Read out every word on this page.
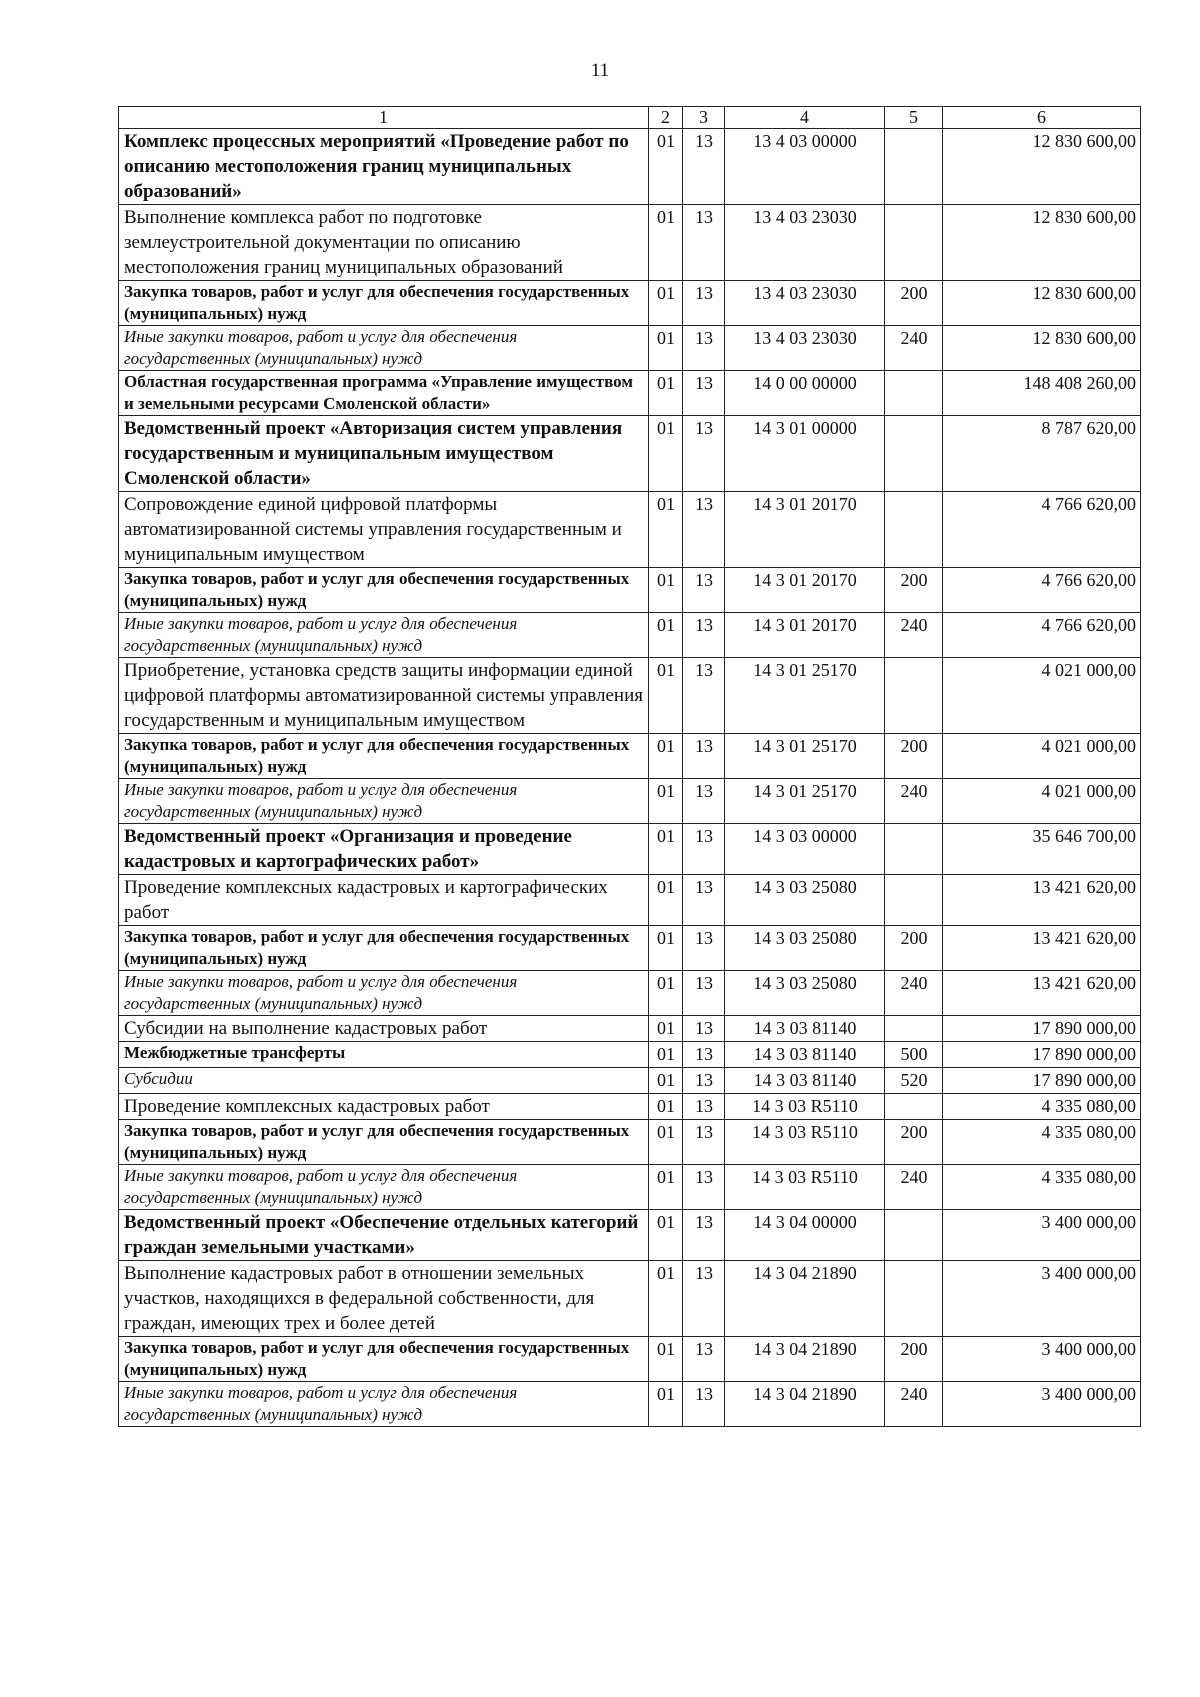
11
1	2	3	4	5	6
Комплекс процессных мероприятий «Проведение работ по описанию местоположения границ муниципальных образований»	01	13	13 4 03 00000		12 830 600,00
Выполнение комплекса работ по подготовке землеустроительной документации по описанию местоположения границ муниципальных образований	01	13	13 4 03 23030		12 830 600,00
Закупка товаров, работ и услуг для обеспечения государственных (муниципальных) нужд	01	13	13 4 03 23030	200	12 830 600,00
Иные закупки товаров, работ и услуг для обеспечения государственных (муниципальных) нужд	01	13	13 4 03 23030	240	12 830 600,00
Областная государственная программа «Управление имуществом и земельными ресурсами Смоленской области»	01	13	14 0 00 00000		148 408 260,00
Ведомственный проект «Авторизация систем управления государственным и муниципальным имуществом Смоленской области»	01	13	14 3 01 00000		8 787 620,00
Сопровождение единой цифровой платформы автоматизированной системы управления государственным и муниципальным имуществом	01	13	14 3 01 20170		4 766 620,00
Закупка товаров, работ и услуг для обеспечения государственных (муниципальных) нужд	01	13	14 3 01 20170	200	4 766 620,00
Иные закупки товаров, работ и услуг для обеспечения государственных (муниципальных) нужд	01	13	14 3 01 20170	240	4 766 620,00
Приобретение, установка средств защиты информации единой цифровой платформы автоматизированной системы управления государственным и муниципальным имуществом	01	13	14 3 01 25170		4 021 000,00
Закупка товаров, работ и услуг для обеспечения государственных (муниципальных) нужд	01	13	14 3 01 25170	200	4 021 000,00
Иные закупки товаров, работ и услуг для обеспечения государственных (муниципальных) нужд	01	13	14 3 01 25170	240	4 021 000,00
Ведомственный проект «Организация и проведение кадастровых и картографических работ»	01	13	14 3 03 00000		35 646 700,00
Проведение комплексных кадастровых и картографических работ	01	13	14 3 03 25080		13 421 620,00
Закупка товаров, работ и услуг для обеспечения государственных (муниципальных) нужд	01	13	14 3 03 25080	200	13 421 620,00
Иные закупки товаров, работ и услуг для обеспечения государственных (муниципальных) нужд	01	13	14 3 03 25080	240	13 421 620,00
Субсидии на выполнение кадастровых работ	01	13	14 3 03 81140		17 890 000,00
Межбюджетные трансферты	01	13	14 3 03 81140	500	17 890 000,00
Субсидии	01	13	14 3 03 81140	520	17 890 000,00
Проведение комплексных кадастровых работ	01	13	14 3 03 R5110		4 335 080,00
Закупка товаров, работ и услуг для обеспечения государственных (муниципальных) нужд	01	13	14 3 03 R5110	200	4 335 080,00
Иные закупки товаров, работ и услуг для обеспечения государственных (муниципальных) нужд	01	13	14 3 03 R5110	240	4 335 080,00
Ведомственный проект «Обеспечение отдельных категорий граждан земельными участками»	01	13	14 3 04 00000		3 400 000,00
Выполнение кадастровых работ в отношении земельных участков, находящихся в федеральной собственности, для граждан, имеющих трех и более детей	01	13	14 3 04 21890		3 400 000,00
Закупка товаров, работ и услуг для обеспечения государственных (муниципальных) нужд	01	13	14 3 04 21890	200	3 400 000,00
Иные закупки товаров, работ и услуг для обеспечения государственных (муниципальных) нужд	01	13	14 3 04 21890	240	3 400 000,00
